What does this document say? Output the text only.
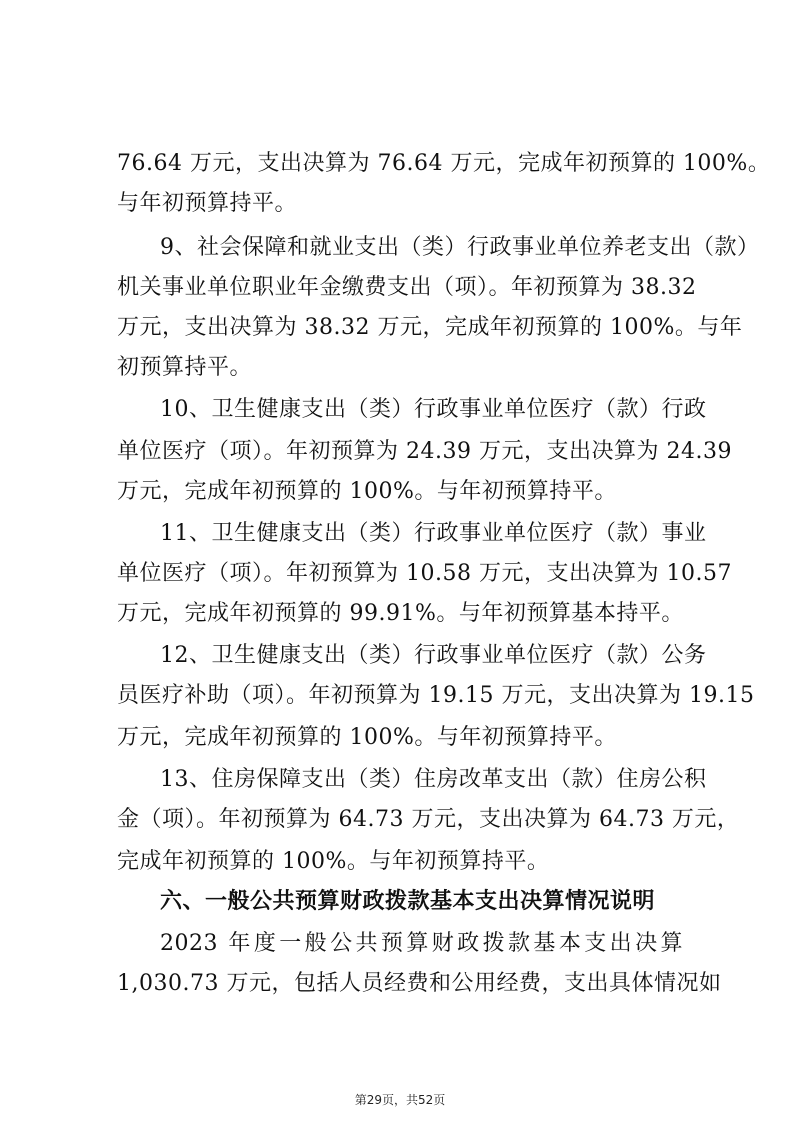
76.64 万元，支出决算为 76.64 万元，完成年初预算的 100%。
与年初预算持平。
9、社会保障和就业支出（类）行政事业单位养老支出（款）
机关事业单位职业年金缴费支出（项）。年初预算为 38.32
万元，支出决算为 38.32 万元，完成年初预算的 100%。与年
初预算持平。
10、卫生健康支出（类）行政事业单位医疗（款）行政
单位医疗（项）。年初预算为 24.39 万元，支出决算为 24.39
万元，完成年初预算的 100%。与年初预算持平。
11、卫生健康支出（类）行政事业单位医疗（款）事业
单位医疗（项）。年初预算为 10.58 万元，支出决算为 10.57
万元，完成年初预算的 99.91%。与年初预算基本持平。
12、卫生健康支出（类）行政事业单位医疗（款）公务
员医疗补助（项）。年初预算为 19.15 万元，支出决算为 19.15
万元，完成年初预算的 100%。与年初预算持平。
13、住房保障支出（类）住房改革支出（款）住房公积
金（项）。年初预算为 64.73 万元，支出决算为 64.73 万元，
完成年初预算的 100%。与年初预算持平。
六、一般公共预算财政拨款基本支出决算情况说明
2023 年度一般公共预算财政拨款基本支出决算
1,030.73 万元，包括人员经费和公用经费，支出具体情况如
第29页，共52页
